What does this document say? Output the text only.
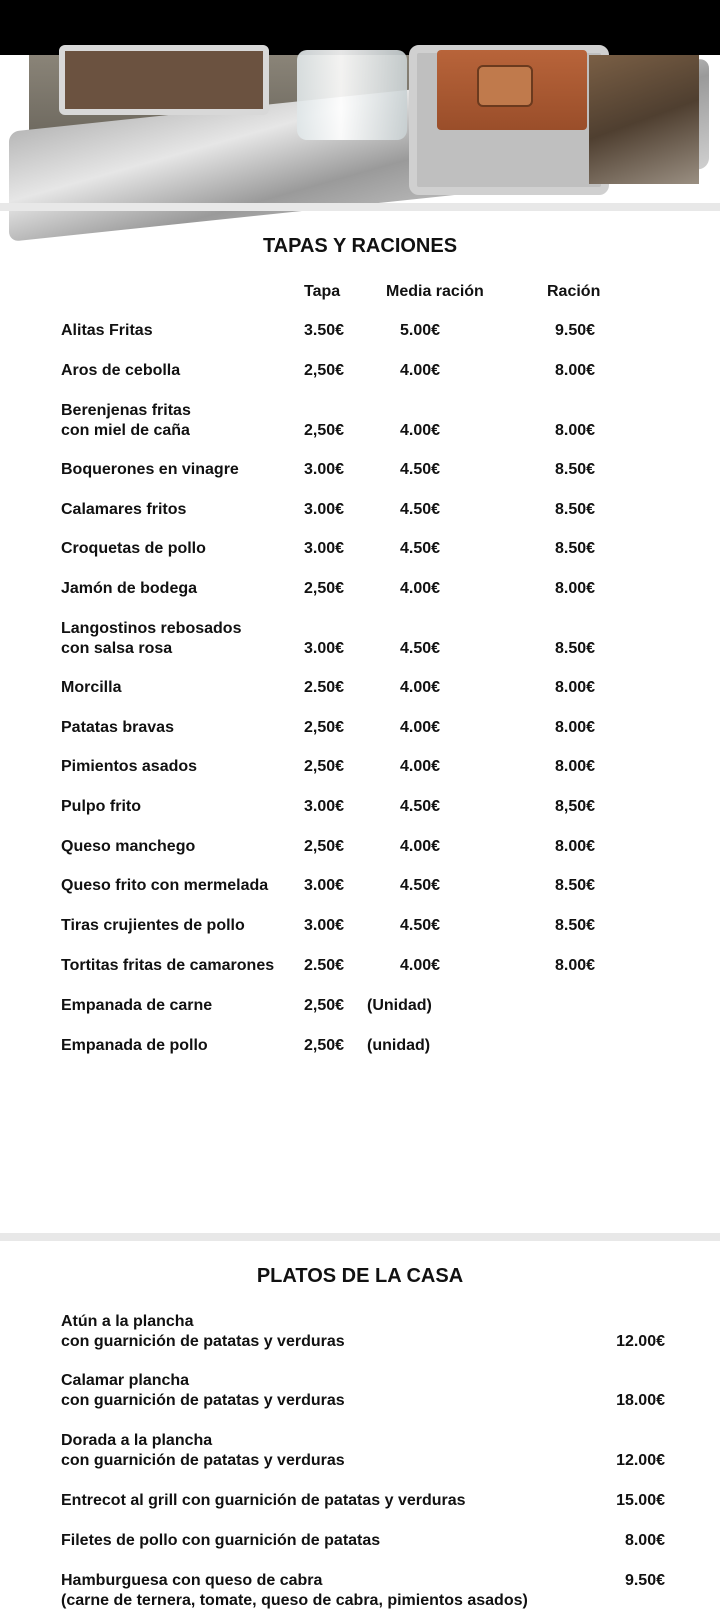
TAPAS Y RACIONES
Tapa	Media ración	Ración
Alitas Fritas	3.50€	5.00€	9.50€
Aros de cebolla	2,50€	4.00€	8.00€
Berenjenas fritas
con miel de caña	2,50€	4.00€	8.00€
Boquerones en vinagre	3.00€	4.50€	8.50€
Calamares fritos	3.00€	4.50€	8.50€
Croquetas de pollo	3.00€	4.50€	8.50€
Jamón de bodega	2,50€	4.00€	8.00€
Langostinos rebosados
con salsa rosa	3.00€	4.50€	8.50€
Morcilla	2.50€	4.00€	8.00€
Patatas bravas	2,50€	4.00€	8.00€
Pimientos asados	2,50€	4.00€	8.00€
Pulpo frito	3.00€	4.50€	8,50€
Queso manchego	2,50€	4.00€	8.00€
Queso frito con mermelada 3.00€	4.50€	8.50€
Tiras crujientes de pollo	3.00€	4.50€	8.50€
Tortitas fritas de camarones 2.50€	4.00€	8.00€
Empanada de carne	2,50€ (Unidad)
Empanada de pollo	2,50€ (unidad)
PLATOS DE LA CASA
Atún a la plancha
con guarnición de patatas y verduras	12.00€
Calamar plancha
con guarnición de patatas y verduras	18.00€
Dorada a la plancha
con guarnición de patatas y verduras	12.00€
Entrecot al grill con guarnición de patatas y verduras	15.00€
Filetes de pollo con guarnición de patatas	8.00€
Hamburguesa con queso de cabra
(carne de ternera, tomate, queso de cabra, pimientos asados)
9.50€
